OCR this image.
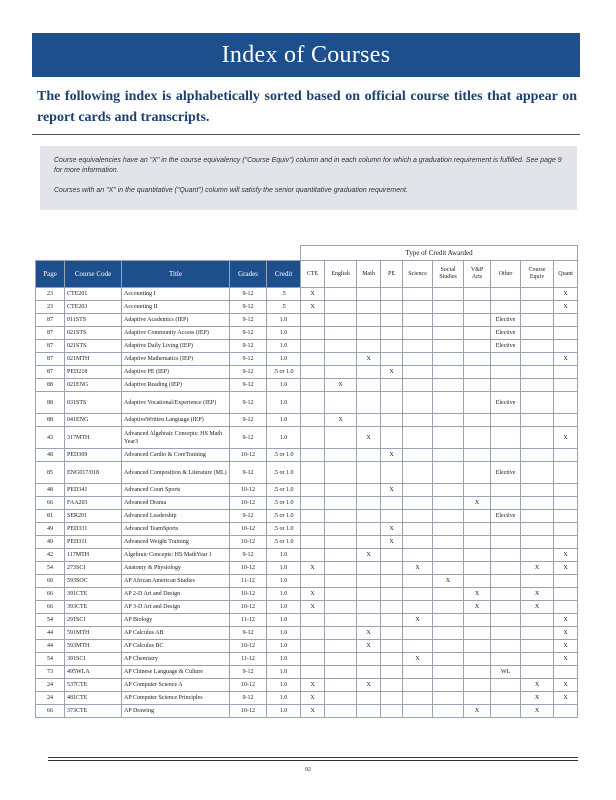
Index of Courses
The following index is alphabetically sorted based on official course titles that appear on report cards and transcripts.

Course equivalencies have an "X" in the course equivalency ("Course Equiv") column and in each column for which a graduation requirement is fulfilled. See page 9 for more information.

Courses with an "X" in the quantitative ("Quant") column will satisfy the senior quantitative graduation requirement.

					Type of Credit Awarded									
Page	Course Code	Title	Grades	Credit	CTE	English	Math	PE	Science	Social Studies	V&P Arts	Other	Course Equiv	Quant
23	CTE201	Accounting I	9-12	.5	X									X
23	CTE203	Accounting II	9-12	.5	X									X
87	011STS	Adaptive Academics (IEP)	9-12	1.0								Elective		
87	021STS	Adaptive Community Access (IEP)	9-12	1.0								Elective		
87	021STS	Adaptive Daily Living (IEP)	9-12	1.0								Elective		
87	021MTH	Adaptive Mathematics (IEP)	9-12	1.0			X							X
87	PED218	Adaptive PE (IEP)	9-12	.5 or 1.0				X						
88	021ENG	Adaptive Reading (IEP)	9-12	1.0		X								
88	031STS	Adaptive Vocational/Experience (IEP)	9-12	1.0								Elective		
88	041ENG	AdaptiveWritten Language (IEP)	9-12	1.0		X								
43	317MTH	Advanced Algebraic Concepts: HS Math Year3	9-12	1.0			X							X
48	PED309	Advanced Cardio & CoreTraining	10-12	.5 or 1.0				X						
85	ENG017/018	Advanced Composition & Literature (ML)	9-12	.5 or 1.0								Elective		
48	PED341	Advanced Court Sports	10-12	.5 or 1.0				X						
66	FAA203	Advanced Drama	10-12	.5 or 1.0							X			
81	SER201	Advanced Leadership	9-12	.5 or 1.0								Elective		
49	PED331	Advanced TeamSports	10-12	.5 or 1.0				X						
49	PED311	Advanced Weight Training	10-12	.5 or 1.0				X						
42	117MTH	Algebraic Concepts: HS MathYear 1	9-12	1.0			X							X
54	273SCI	Anatomy & Physiology	10-12	1.0	X				X				X	X
60	593SOC	AP African American Studies	11-12	1.0						X				
66	391CTE	AP 2-D Art and Design	10-12	1.0	X						X		X	
66	393CTE	AP 3-D Art and Design	10-12	1.0	X						X		X	
54	291SCI	AP Biology	11-12	1.0					X					X
44	591MTH	AP Calculus AB	9-12	1.0			X							X
44	593MTH	AP Calculus BC	10-12	1.0			X							X
54	391SCI	AP Chemistry	11-12	1.0					X					X
73	495WLA	AP Chinese Language & Culture	9-12	1.0								WL		
24	537CTE	AP Computer Science A	10-12	1.0	X		X						X	X
24	481CTE	AP Computer Science Principles	9-12	1.0	X								X	X
66	373CTE	AP Drawing	10-12	1.0	X						X		X	
92
